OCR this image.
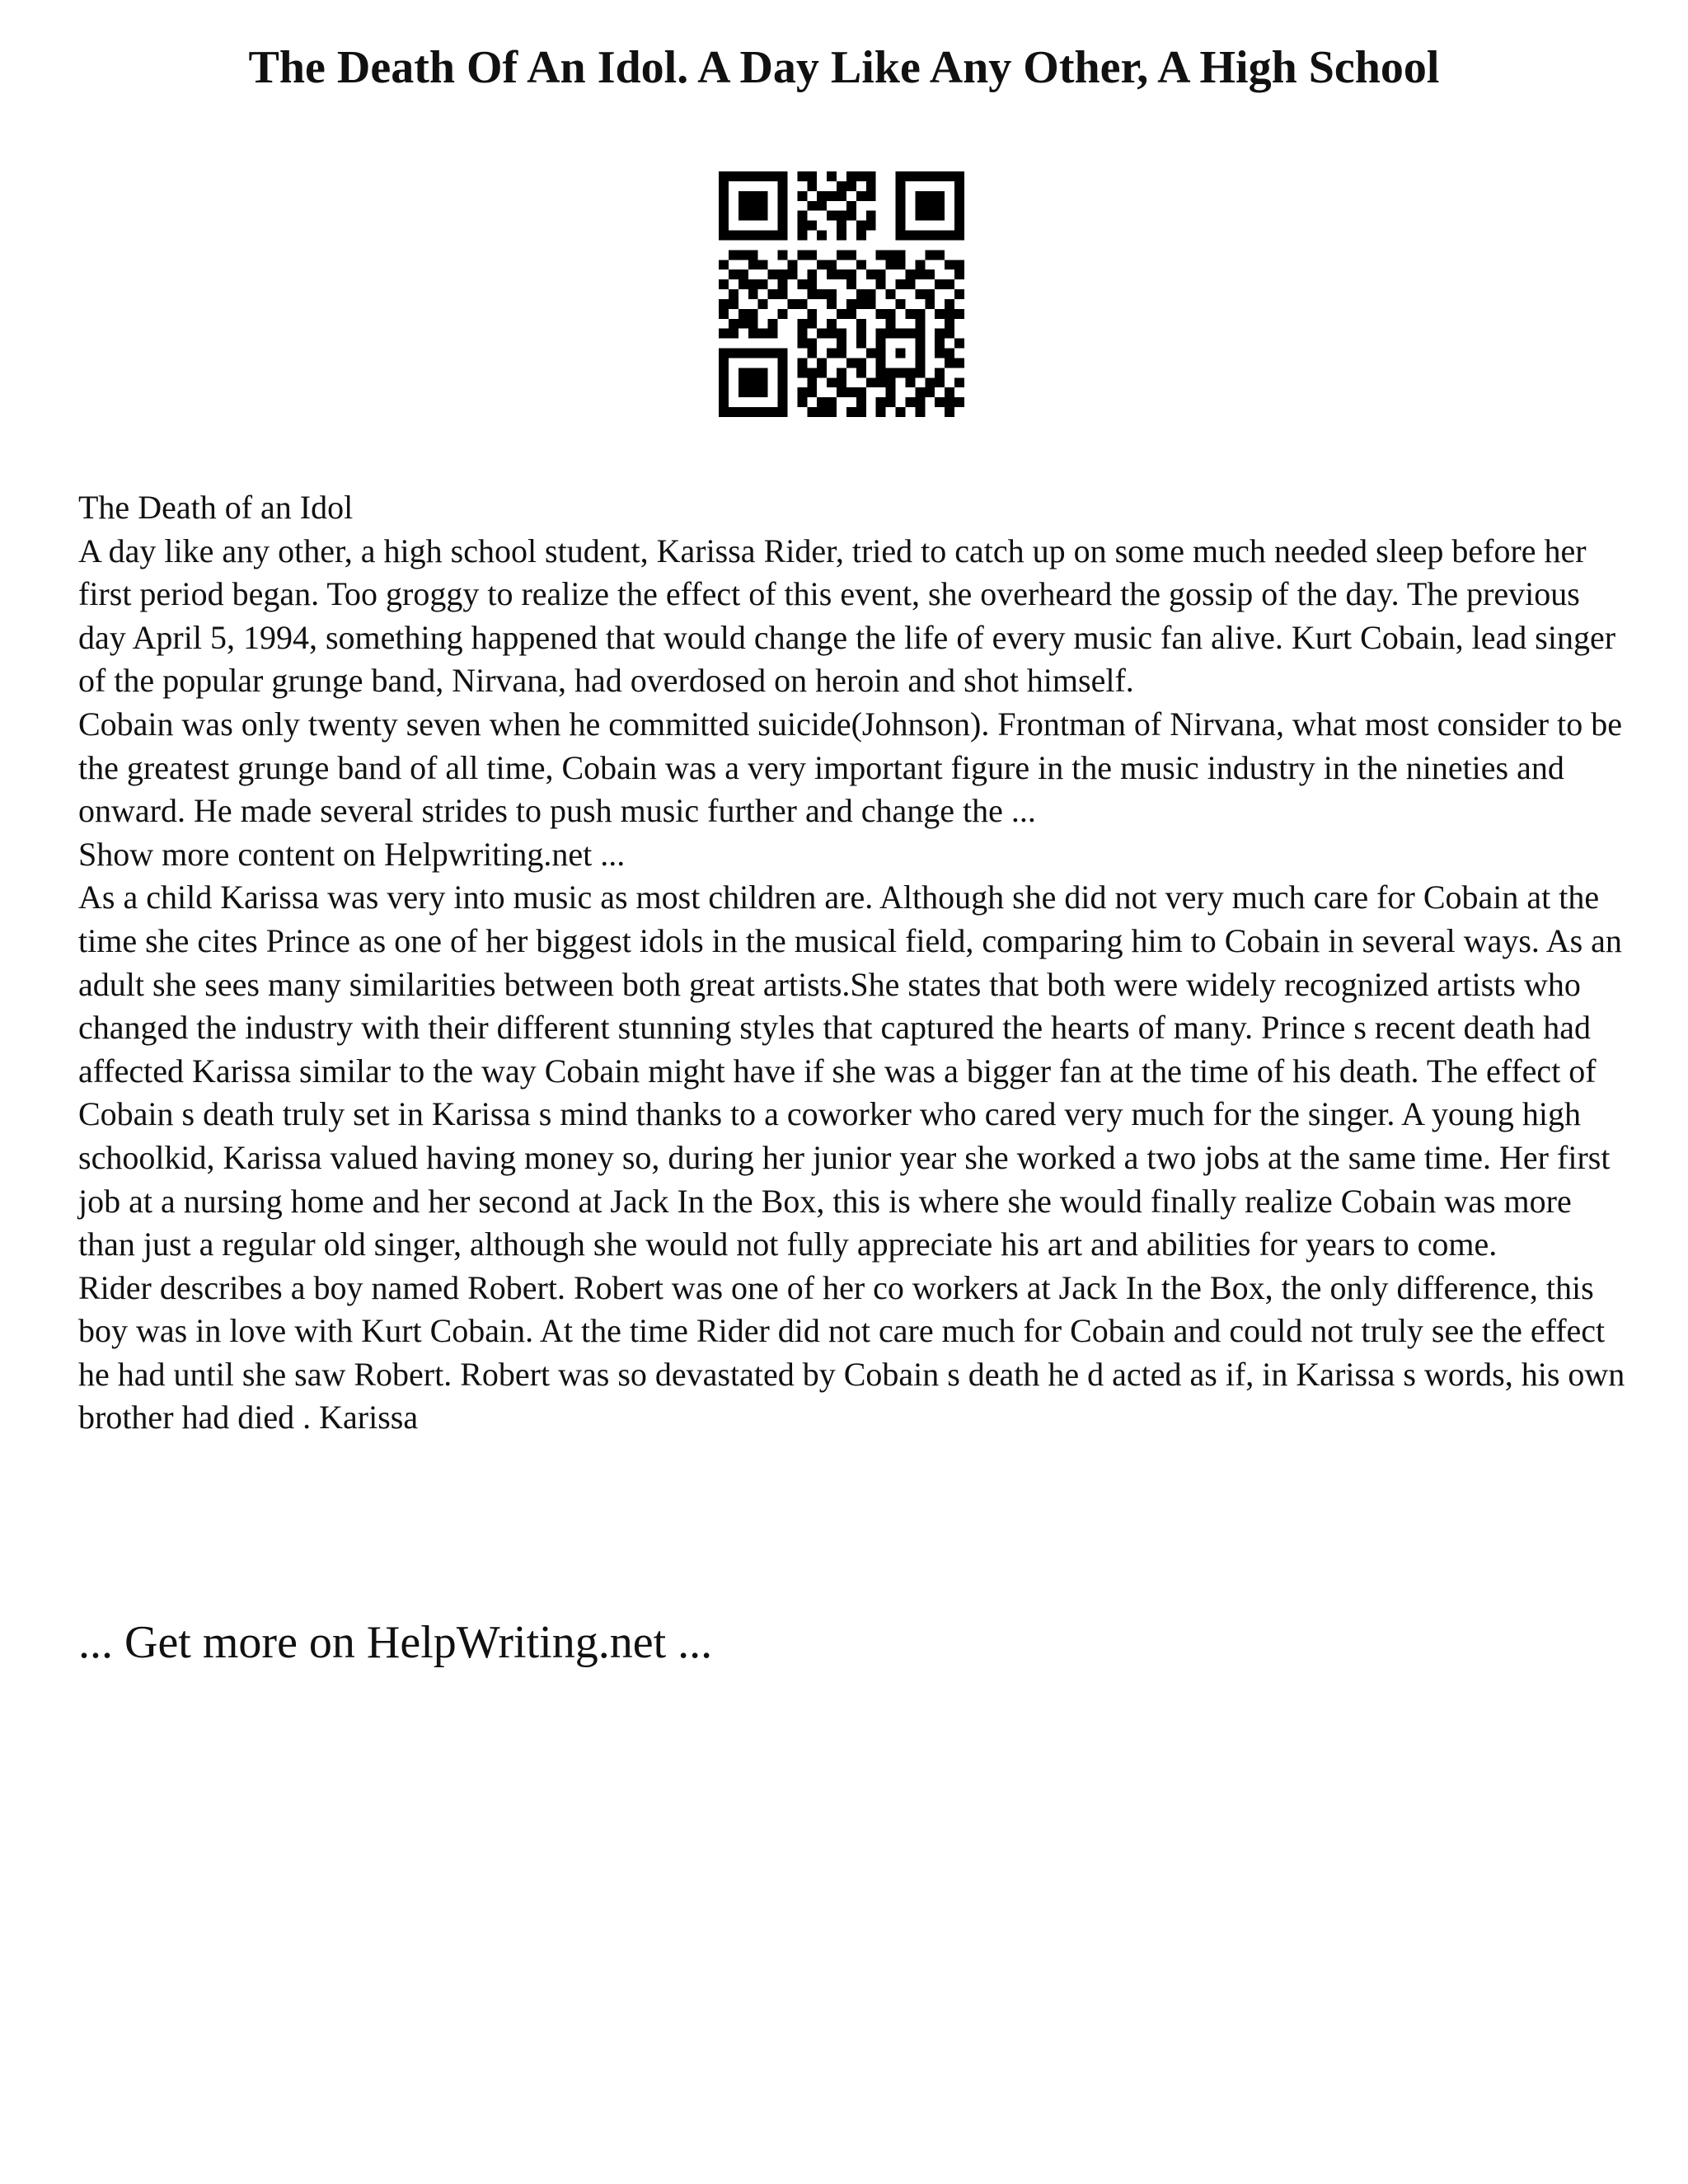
The Death Of An Idol. A Day Like Any Other, A High School

The Death of an Idol

A day like any other, a high school student, Karissa Rider, tried to catch up on some much needed sleep before her first period began. Too groggy to realize the effect of this event, she overheard the gossip of the day. The previous day April 5, 1994, something happened that would change the life of every music fan alive. Kurt Cobain, lead singer of the popular grunge band, Nirvana, had overdosed on heroin and shot himself.

Cobain was only twenty seven when he committed suicide(Johnson). Frontman of Nirvana, what most consider to be the greatest grunge band of all time, Cobain was a very important figure in the music industry in the nineties and onward. He made several strides to push music further and change the ...

Show more content on Helpwriting.net ...

As a child Karissa was very into music as most children are. Although she did not very much care for Cobain at the time she cites Prince as one of her biggest idols in the musical field, comparing him to Cobain in several ways. As an adult she sees many similarities between both great artists.She states that both were widely recognized artists who changed the industry with their different stunning styles that captured the hearts of many. Prince s recent death had affected Karissa similar to the way Cobain might have if she was a bigger fan at the time of his death. The effect of Cobain s death truly set in Karissa s mind thanks to a coworker who cared very much for the singer. A young high schoolkid, Karissa valued having money so, during her junior year she worked a two jobs at the same time. Her first job at a nursing home and her second at Jack In the Box, this is where she would finally realize Cobain was more than just a regular old singer, although she would not fully appreciate his art and abilities for years to come.

Rider describes a boy named Robert. Robert was one of her co workers at Jack In the Box, the only difference, this boy was in love with Kurt Cobain. At the time Rider did not care much for Cobain and could not truly see the effect he had until she saw Robert. Robert was so devastated by Cobain s death he d acted as if, in Karissa s words, his own brother had died . Karissa

... Get more on HelpWriting.net ...
